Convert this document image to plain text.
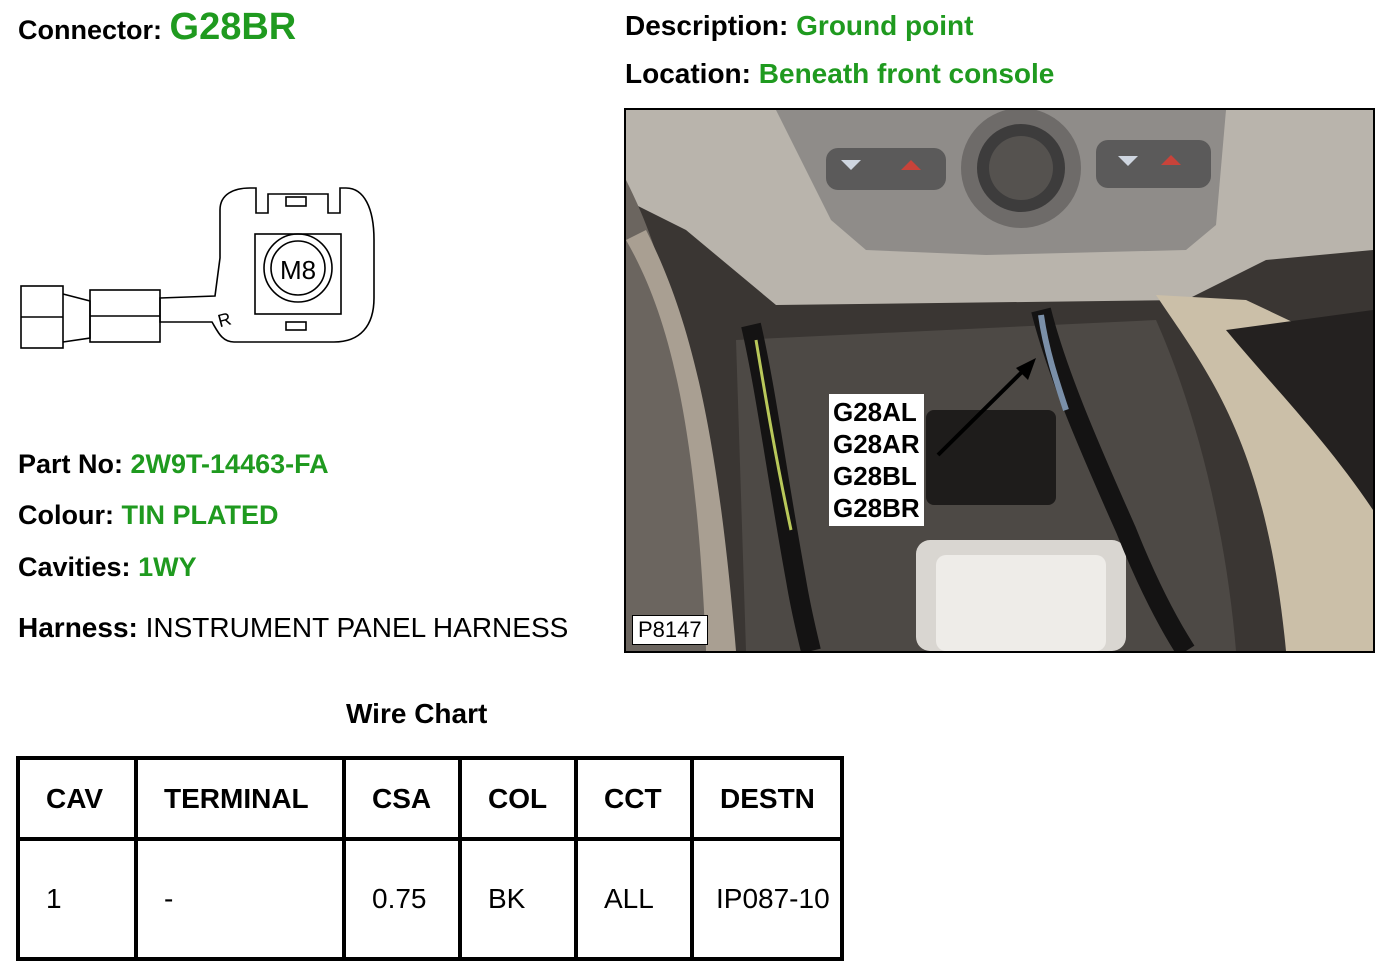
Connector: G28BR	Description: Ground point
Location: Beneath front console
M8
R
Part No: 2W9T-14463-FA
Colour: TIN PLATED
Cavities: 1WY
Harness: INSTRUMENT PANEL HARNESS
G28AL
G28AR
G28BL
G28BR
P8147
Wire Chart
CAV	TERMINAL	CSA	COL	CCT	DESTN
1	-	0.75	BK	ALL	IP087-10
